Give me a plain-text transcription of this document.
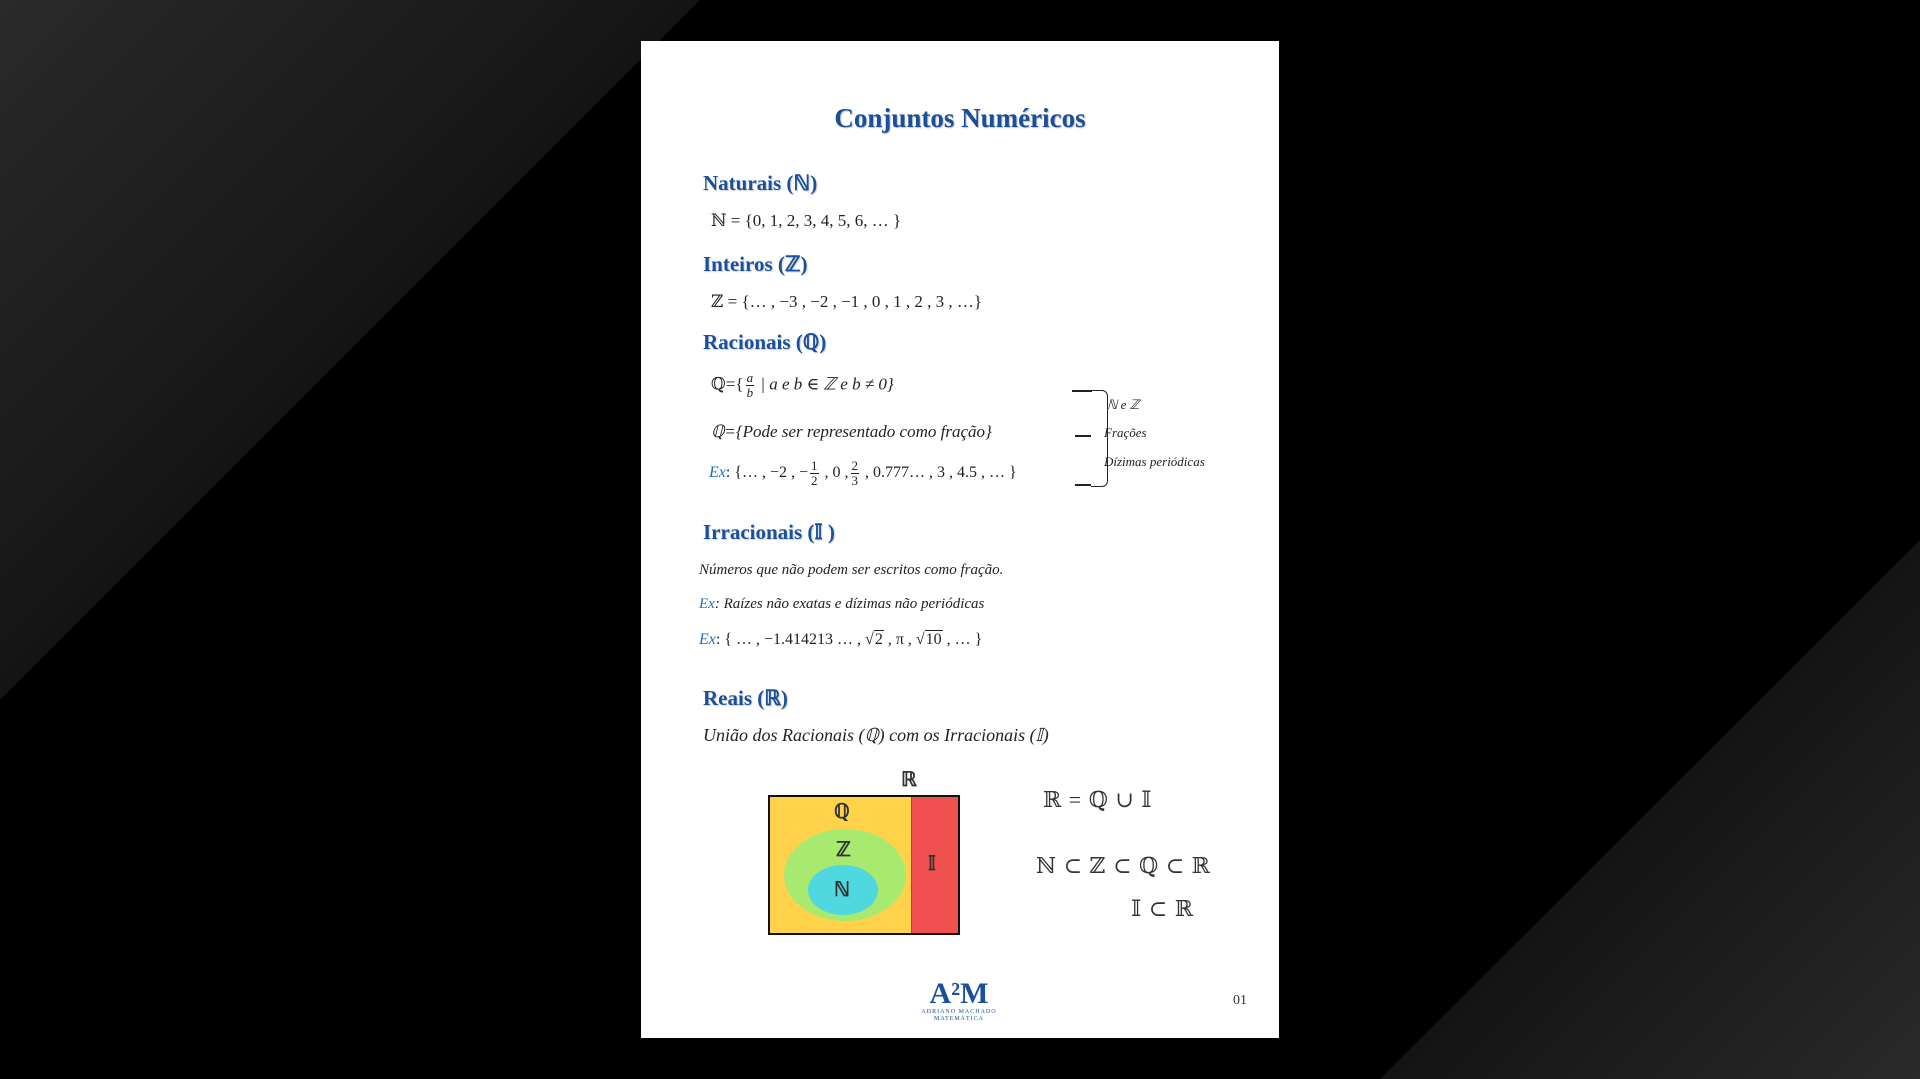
Conjuntos Numéricos
Naturais (ℕ)
ℕ = {0, 1, 2, 3, 4, 5, 6, … }
Inteiros (ℤ)
ℤ = {… , −3 , −2 , −1 , 0 , 1 , 2 , 3 , …}
Racionais (ℚ)
ℚ={ $\frac{a}{b}$ | a e b ∈ ℤ e b ≠ 0}
ℚ={Pode ser representado como fração}
Ex: {… , −2 , − $\frac{1}{2}$ , 0 , $\frac{2}{3}$ , 0.777… , 3 , 4.5 , … }
ℕ e ℤ
Frações
Dízimas periódicas
Irracionais (𝕀 )
Números que não podem ser escritos como fração.
Ex: Raízes não exatas e dízimas não periódicas
Ex: { … , −1.414213 … , √2 , π , √10 , … }
Reais (ℝ)
União dos Racionais (ℚ) com os Irracionais (𝕀)
ℝ
ℚ
ℤ
ℕ
𝕀
ℝ = ℚ ∪ 𝕀
ℕ ⊂ ℤ ⊂ ℚ ⊂ ℝ
𝕀 ⊂ ℝ
A²M
ADRIANO MACHADO
MATEMÁTICA
01
